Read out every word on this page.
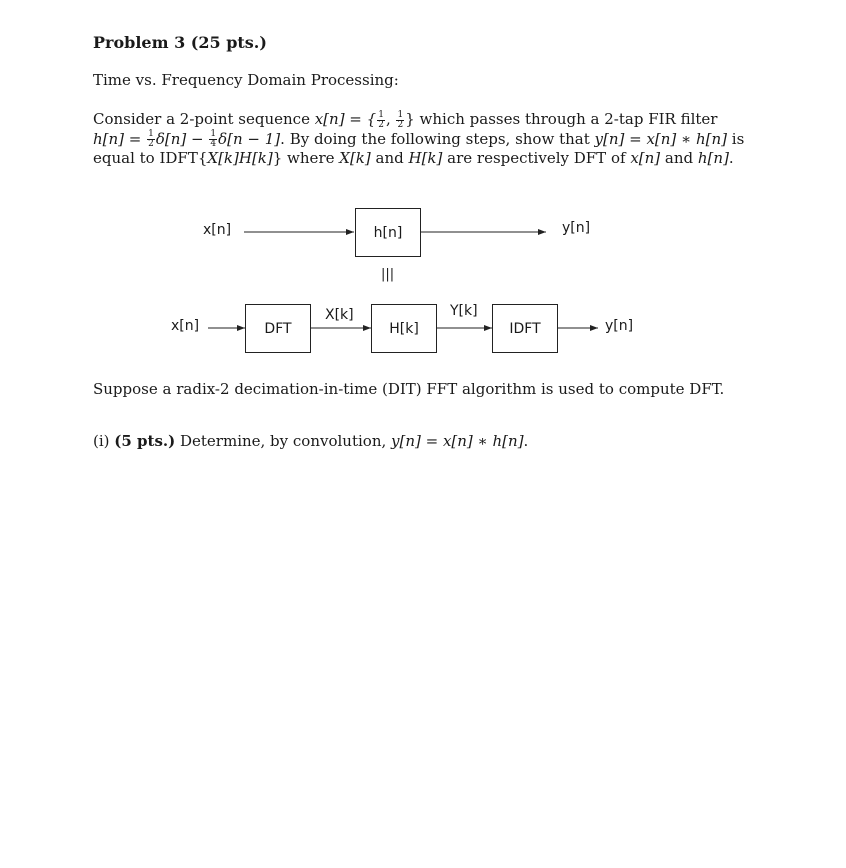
Problem 3 (25 pts.)
Time vs. Frequency Domain Processing:
Consider a 2-point sequence x[n] = { $\frac{1}{2}$ , $\frac{1}{2}$ } which passes through a 2-tap FIR filter
$h[n] = \frac{1}{2} \delta[n] - \frac{1}{4} \delta[n - 1]$. By doing the following steps, show that y[n] = x[n] ∗ h[n] is
equal to IDFT{X[k]H[k]} where X[k] and H[k] are respectively DFT of x[n] and h[n].
x[n]	h[n]	y[n]
|||
x[n]	DFT
X[k]
H[k]
Y[k]
IDFT	y[n]
Suppose a radix-2 decimation-in-time (DIT) FFT algorithm is used to compute DFT.
(i) (5 pts.) Determine, by convolution, y[n] = x[n] ∗ h[n].
